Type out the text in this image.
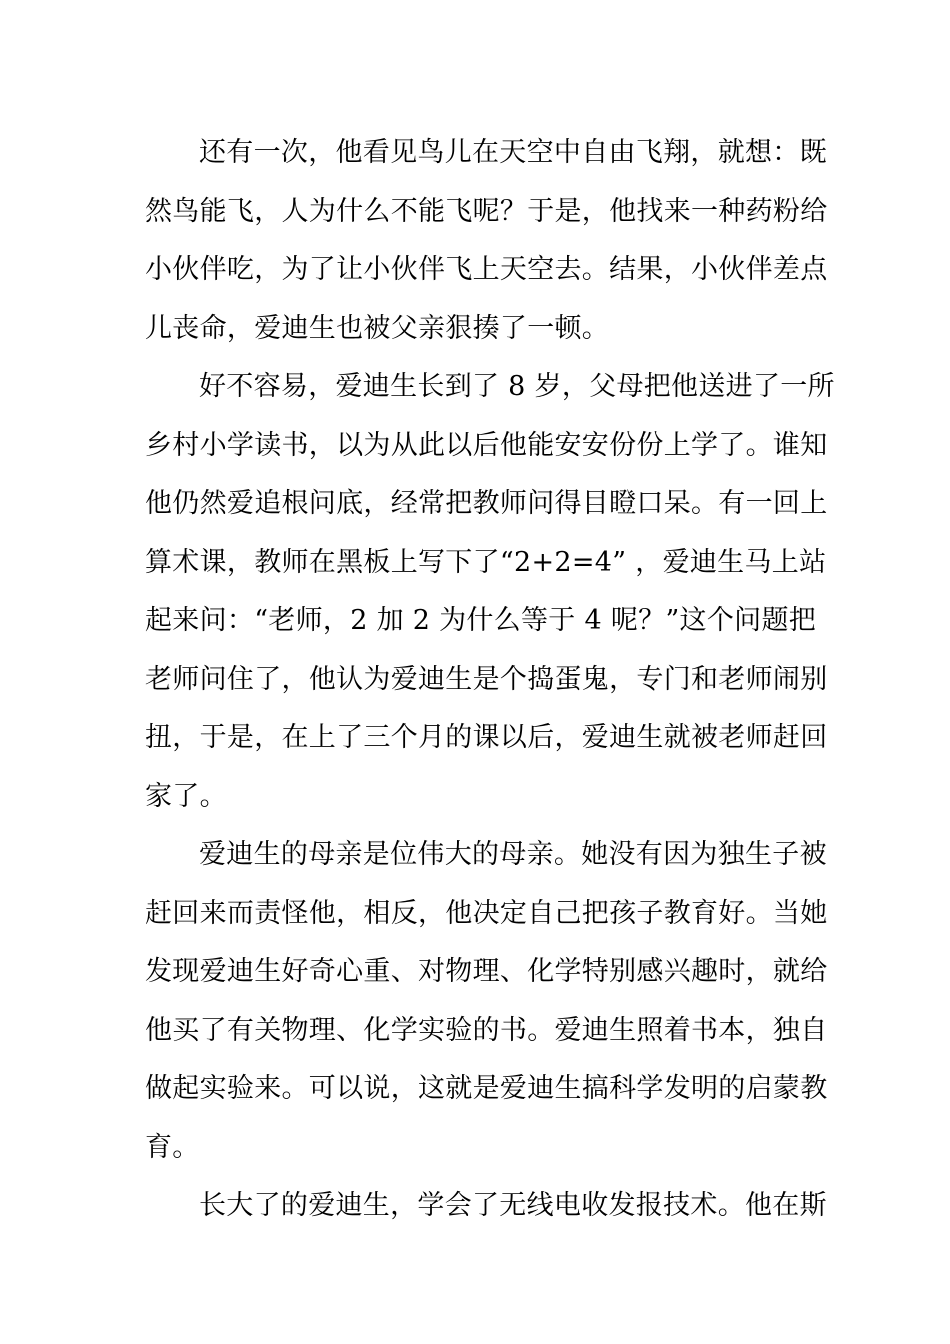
还有一次，他看见鸟儿在天空中自由飞翔，就想：既
然鸟能飞，人为什么不能飞呢？于是，他找来一种药粉给
小伙伴吃，为了让小伙伴飞上天空去。结果，小伙伴差点
儿丧命，爱迪生也被父亲狠揍了一顿。
好不容易，爱迪生长到了 8 岁，父母把他送进了一所
乡村小学读书，以为从此以后他能安安份份上学了。谁知
他仍然爱追根问底，经常把教师问得目瞪口呆。有一回上
算术课，教师在黑板上写下了“2+2=4” ，爱迪生马上站
起来问：“老师，2 加 2 为什么等于 4 呢？”这个问题把
老师问住了，他认为爱迪生是个捣蛋鬼，专门和老师闹别
扭，于是，在上了三个月的课以后，爱迪生就被老师赶回
家了。
爱迪生的母亲是位伟大的母亲。她没有因为独生子被
赶回来而责怪他，相反，他决定自己把孩子教育好。当她
发现爱迪生好奇心重、对物理、化学特别感兴趣时，就给
他买了有关物理、化学实验的书。爱迪生照着书本，独自
做起实验来。可以说，这就是爱迪生搞科学发明的启蒙教
育。
长大了的爱迪生，学会了无线电收发报技术。他在斯
